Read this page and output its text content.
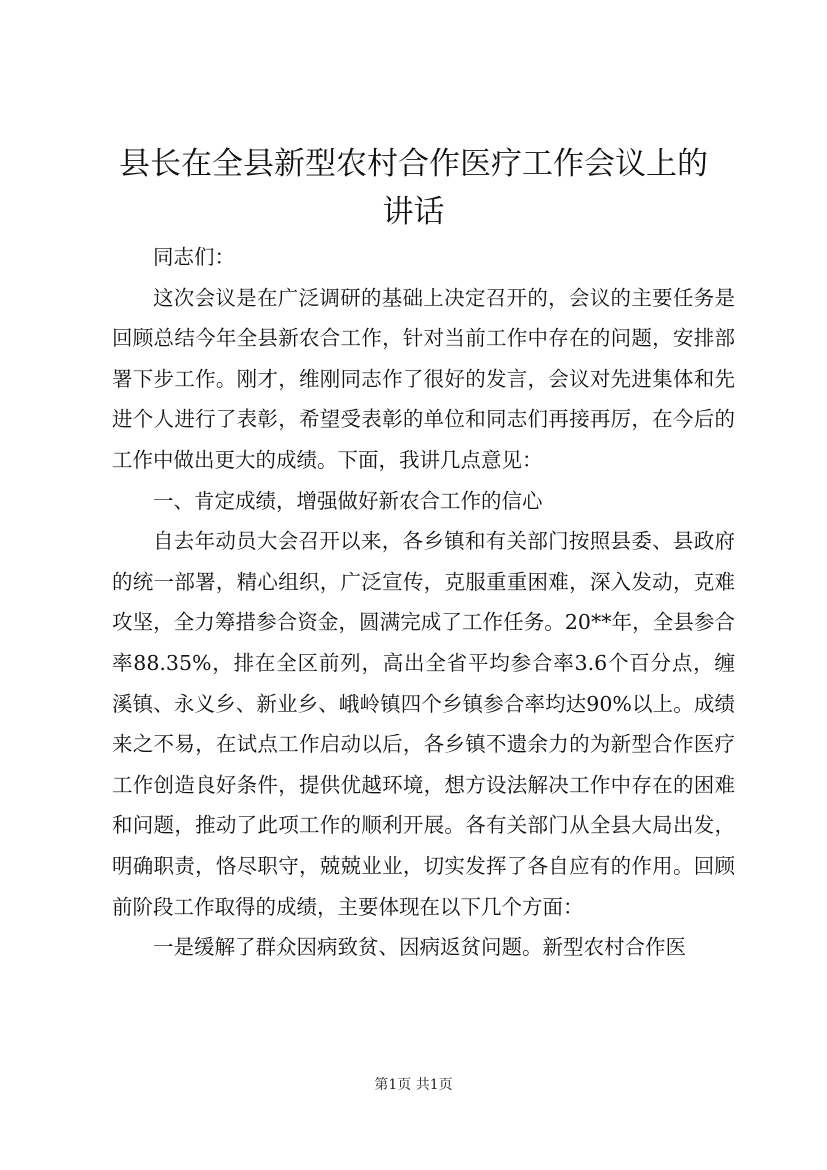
县长在全县新型农村合作医疗工作会议上的讲话

同志们：

这次会议是在广泛调研的基础上决定召开的，会议的主要任务是回顾总结今年全县新农合工作，针对当前工作中存在的问题，安排部署下步工作。刚才，维刚同志作了很好的发言，会议对先进集体和先进个人进行了表彰，希望受表彰的单位和同志们再接再厉，在今后的工作中做出更大的成绩。下面，我讲几点意见：

一、肯定成绩，增强做好新农合工作的信心

自去年动员大会召开以来，各乡镇和有关部门按照县委、县政府的统一部署，精心组织，广泛宣传，克服重重困难，深入发动，克难攻坚，全力筹措参合资金，圆满完成了工作任务。20**年，全县参合率88.35%，排在全区前列，高出全省平均参合率3.6个百分点，缠溪镇、永义乡、新业乡、峨岭镇四个乡镇参合率均达90%以上。成绩来之不易，在试点工作启动以后，各乡镇不遗余力的为新型合作医疗工作创造良好条件，提供优越环境，想方设法解决工作中存在的困难和问题，推动了此项工作的顺利开展。各有关部门从全县大局出发，明确职责，恪尽职守，兢兢业业，切实发挥了各自应有的作用。回顾前阶段工作取得的成绩，主要体现在以下几个方面：

一是缓解了群众因病致贫、因病返贫问题。新型农村合作医

第1页 共1页
